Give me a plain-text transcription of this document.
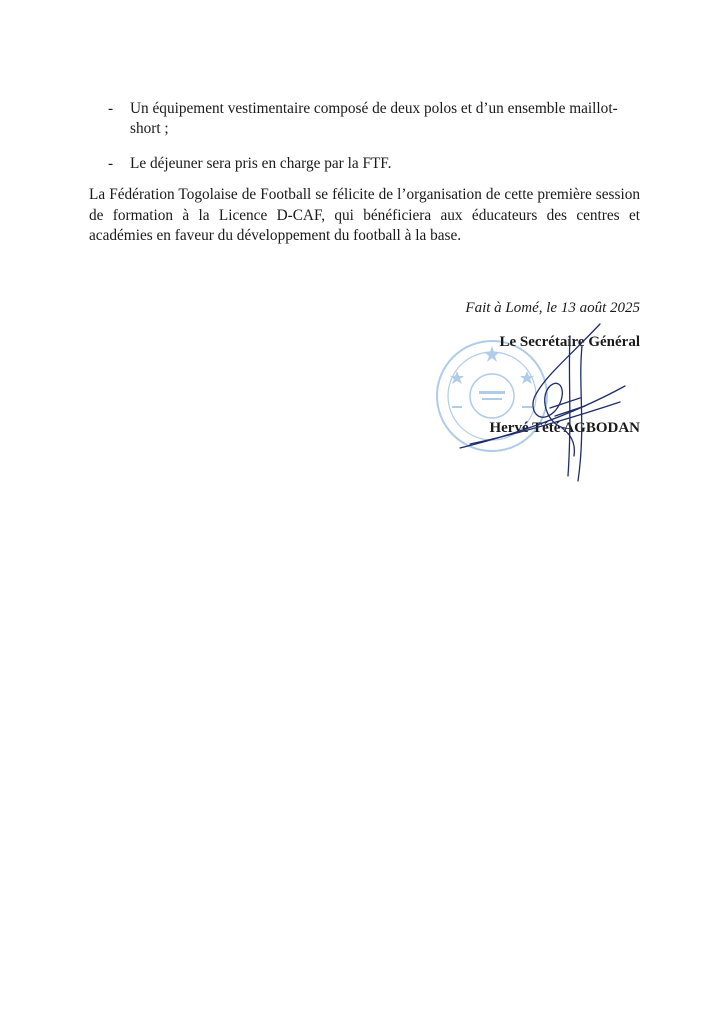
- Un équipement vestimentaire composé de deux polos et d’un ensemble maillot-short ;
- Le déjeuner sera pris en charge par la FTF.

La Fédération Togolaise de Football se félicite de l’organisation de cette première session de formation à la Licence D-CAF, qui bénéficiera aux éducateurs des centres et académies en faveur du développement du football à la base.

Fait à Lomé, le 13 août 2025

Le Secrétaire Général

Hervé Tété AGBODAN
